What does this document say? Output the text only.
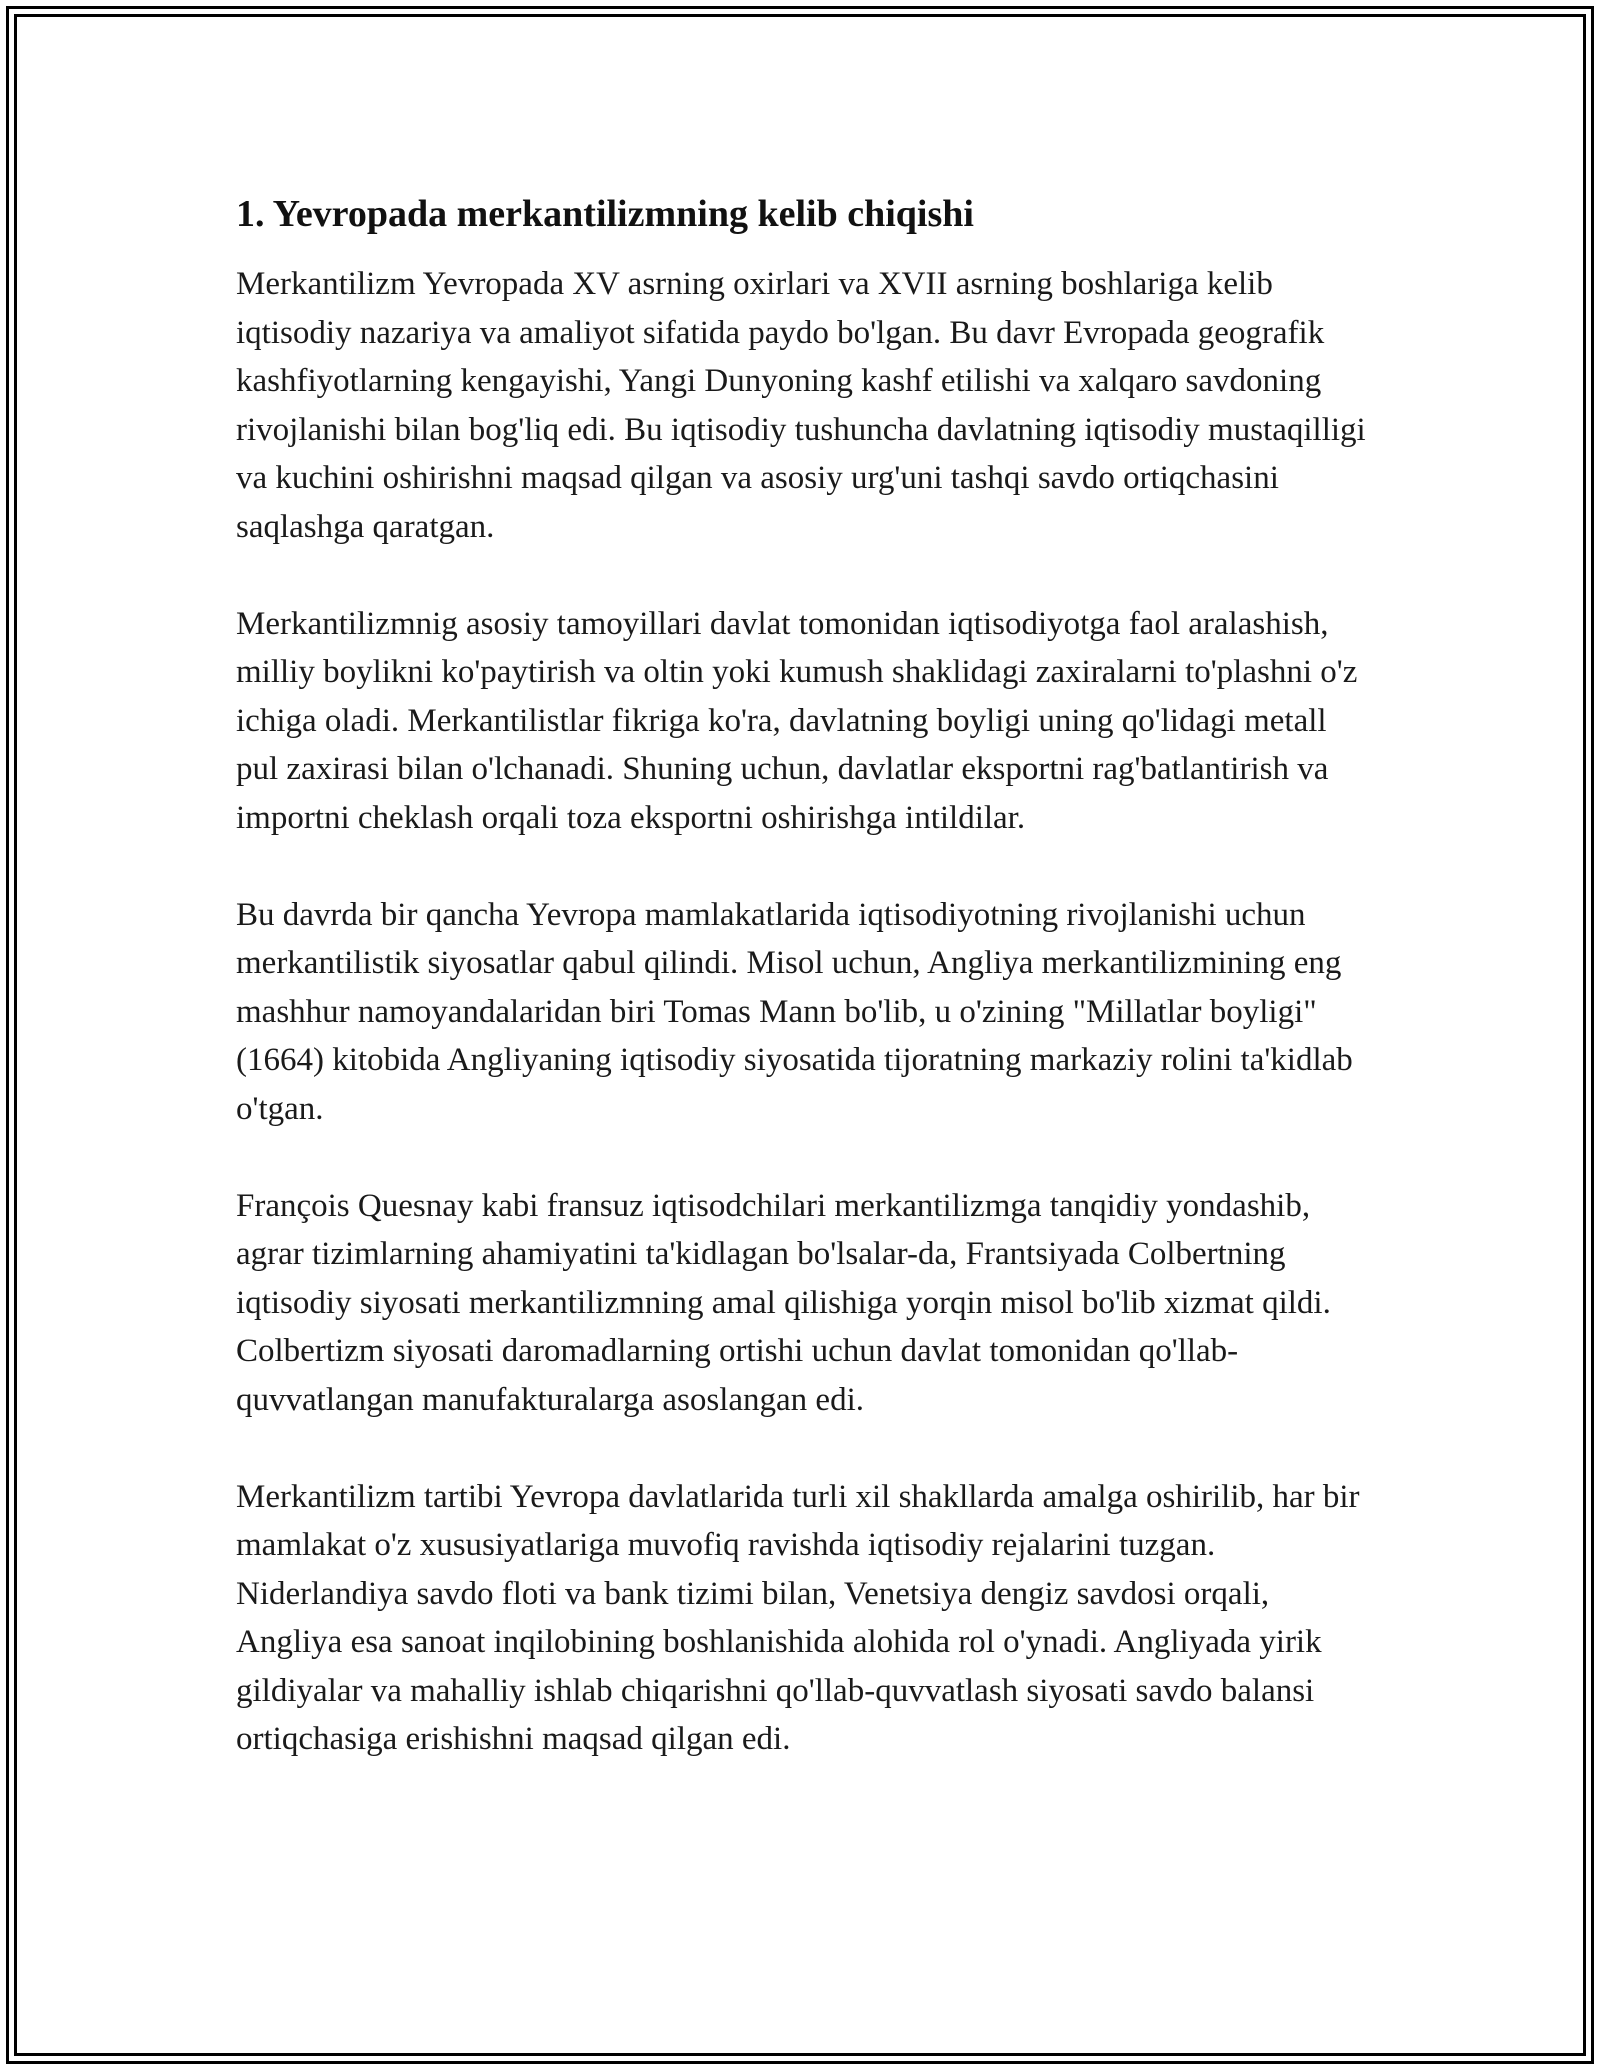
1. Yevropada merkantilizmning kelib chiqishi

Merkantilizm Yevropada XV asrning oxirlari va XVII asrning boshlariga kelib iqtisodiy nazariya va amaliyot sifatida paydo bo'lgan. Bu davr Evropada geografik kashfiyotlarning kengayishi, Yangi Dunyoning kashf etilishi va xalqaro savdoning rivojlanishi bilan bog'liq edi. Bu iqtisodiy tushuncha davlatning iqtisodiy mustaqilligi va kuchini oshirishni maqsad qilgan va asosiy urg'uni tashqi savdo ortiqchasini saqlashga qaratgan.

Merkantilizmnig asosiy tamoyillari davlat tomonidan iqtisodiyotga faol aralashish, milliy boylikni ko'paytirish va oltin yoki kumush shaklidagi zaxiralarni to'plashni o'z ichiga oladi. Merkantilistlar fikriga ko'ra, davlatning boyligi uning qo'lidagi metall pul zaxirasi bilan o'lchanadi. Shuning uchun, davlatlar eksportni rag'batlantirish va importni cheklash orqali toza eksportni oshirishga intildilar.

Bu davrda bir qancha Yevropa mamlakatlarida iqtisodiyotning rivojlanishi uchun merkantilistik siyosatlar qabul qilindi. Misol uchun, Angliya merkantilizmining eng mashhur namoyandalaridan biri Tomas Mann bo'lib, u o'zining "Millatlar boyligi" (1664) kitobida Angliyaning iqtisodiy siyosatida tijoratning markaziy rolini ta'kidlab o'tgan.

François Quesnay kabi fransuz iqtisodchilari merkantilizmga tanqidiy yondashib, agrar tizimlarning ahamiyatini ta'kidlagan bo'lsalar-da, Frantsiyada Colbertning iqtisodiy siyosati merkantilizmning amal qilishiga yorqin misol bo'lib xizmat qildi. Colbertizm siyosati daromadlarning ortishi uchun davlat tomonidan qo'llab-quvvatlangan manufakturalarga asoslangan edi.

Merkantilizm tartibi Yevropa davlatlarida turli xil shakllarda amalga oshirilib, har bir mamlakat o'z xususiyatlariga muvofiq ravishda iqtisodiy rejalarini tuzgan. Niderlandiya savdo floti va bank tizimi bilan, Venetsiya dengiz savdosi orqali, Angliya esa sanoat inqilobining boshlanishida alohida rol o'ynadi. Angliyada yirik gildiyalar va mahalliy ishlab chiqarishni qo'llab-quvvatlash siyosati savdo balansi ortiqchasiga erishishni maqsad qilgan edi.
